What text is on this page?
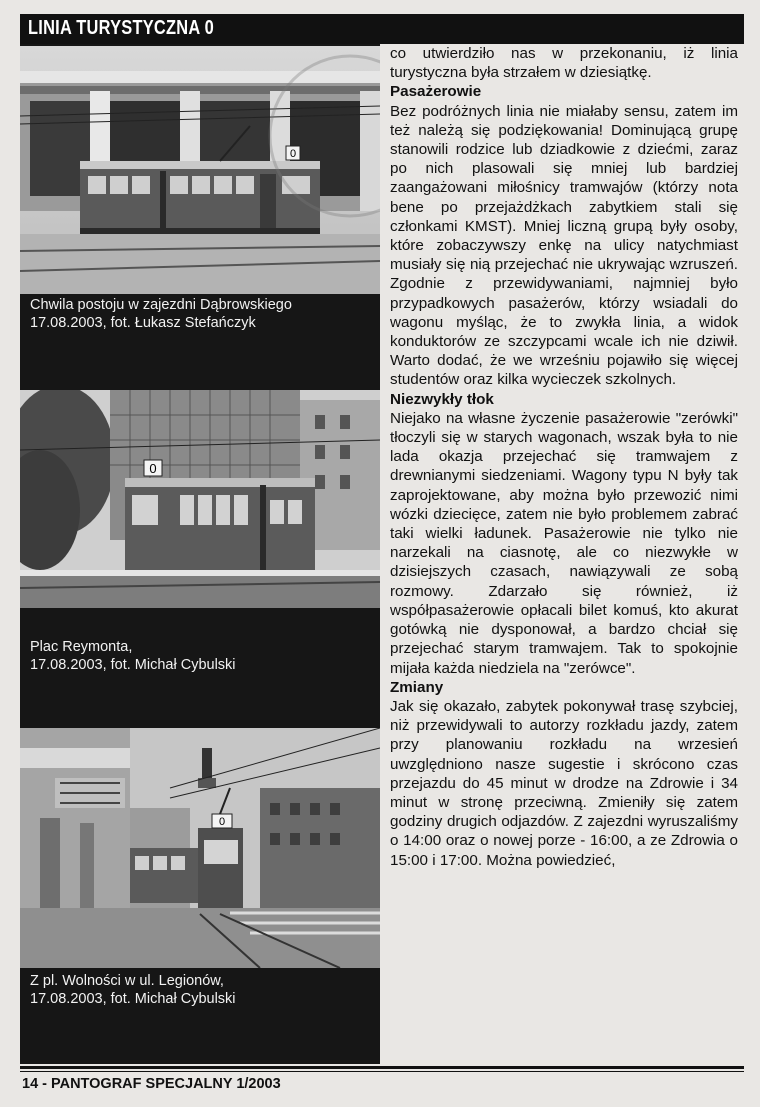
LINIA TURYSTYCZNA 0
0
Chwila postoju w zajezdni Dąbrowskiego
17.08.2003, fot. Łukasz Stefańczyk
0
Plac Reymonta,
17.08.2003, fot. Michał Cybulski
0
Z pl. Wolności w ul. Legionów,
17.08.2003, fot. Michał Cybulski

co utwierdziło nas w przekonaniu, iż linia turystyczna była strzałem w dziesiątkę.

Pasażerowie

Bez podróżnych linia nie miałaby sensu, zatem im też należą się podziękowania! Dominującą grupę stanowili rodzice lub dziadkowie z dziećmi, zaraz po nich plasowali się mniej lub bardziej zaangażowani miłośnicy tramwajów (którzy nota bene po przejażdżkach zabytkiem stali się członkami KMST). Mniej liczną grupą były osoby, które zobaczywszy enkę na ulicy natychmiast musiały się nią przejechać nie ukrywając wzruszeń. Zgodnie z przewidywaniami, najmniej było przypadkowych pasażerów, którzy wsiadali do wagonu myśląc, że to zwykła linia, a widok konduktorów ze szczypcami wcale ich nie dziwił. Warto dodać, że we wrześniu pojawiło się więcej studentów oraz kilka wycieczek szkolnych.

Niezwykły tłok

Niejako na własne życzenie pasażerowie "zerówki" tłoczyli się w starych wagonach, wszak była to nie lada okazja przejechać się tramwajem z drewnianymi siedzeniami. Wagony typu N były tak zaprojektowane, aby można było przewozić nimi wózki dziecięce, zatem nie było problemem zabrać taki wielki ładunek. Pasażerowie nie tylko nie narzekali na ciasnotę, ale co niezwykłe w dzisiejszych czasach, nawiązywali ze sobą rozmowy. Zdarzało się również, iż współpasażerowie opłacali bilet komuś, kto akurat gotówką nie dysponował, a bardzo chciał się przejechać starym tramwajem. Tak to spokojnie mijała każda niedziela na "zerówce".

Zmiany

Jak się okazało, zabytek pokonywał trasę szybciej, niż przewidywali to autorzy rozkładu jazdy, zatem przy planowaniu rozkładu na wrzesień uwzględniono nasze sugestie i skrócono czas przejazdu do 45 minut w drodze na Zdrowie i 34 minut w stronę przeciwną. Zmieniły się zatem godziny drugich odjazdów. Z zajezdni wyruszaliśmy o 14:00 oraz o nowej porze - 16:00, a ze Zdrowia o 15:00 i 17:00. Można powiedzieć,

14 - PANTOGRAF SPECJALNY 1/2003
